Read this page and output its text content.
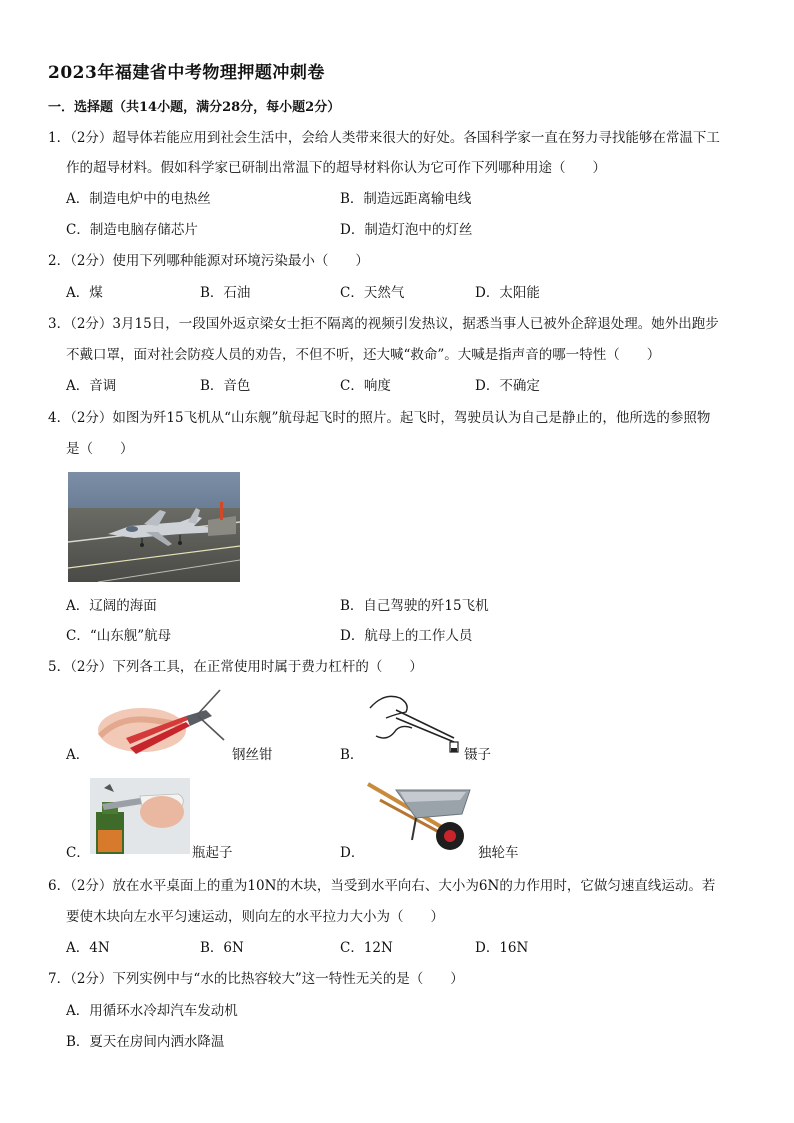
2023年福建省中考物理押题冲刺卷
一．选择题（共14小题，满分28分，每小题2分）
1．（2分）超导体若能应用到社会生活中，会给人类带来很大的好处。各国科学家一直在努力寻找能够在常温下工
作的超导材料。假如科学家已研制出常温下的超导材料你认为它可作下列哪种用途（　　）
A．制造电炉中的电热丝	B．制造远距离输电线
C．制造电脑存储芯片	D．制造灯泡中的灯丝
2．（2分）使用下列哪种能源对环境污染最小（　　）
A．煤	B．石油	C．天然气	D．太阳能
3．（2分）3月15日，一段国外返京梁女士拒不隔离的视频引发热议，据悉当事人已被外企辞退处理。她外出跑步
不戴口罩，面对社会防疫人员的劝告，不但不听，还大喊“救命”。大喊是指声音的哪一特性（　　）
A．音调	B．音色	C．响度	D．不确定
4．（2分）如图为歼15飞机从“山东舰”航母起飞时的照片。起飞时，驾驶员认为自己是静止的，他所选的参照物
是（　　）
A．辽阔的海面	B．自己驾驶的歼15飞机
C．“山东舰”航母	D．航母上的工作人员
5．（2分）下列各工具，在正常使用时属于费力杠杆的（　　）
A．	钢丝钳	B．	镊子
C．	瓶起子	D．	独轮车
6．（2分）放在水平桌面上的重为10N的木块，当受到水平向右、大小为6N的力作用时，它做匀速直线运动。若
要使木块向左水平匀速运动，则向左的水平拉力大小为（　　）
A．4N	B．6N	C．12N	D．16N
7．（2分）下列实例中与“水的比热容较大”这一特性无关的是（　　）
A．用循环水冷却汽车发动机
B．夏天在房间内洒水降温
